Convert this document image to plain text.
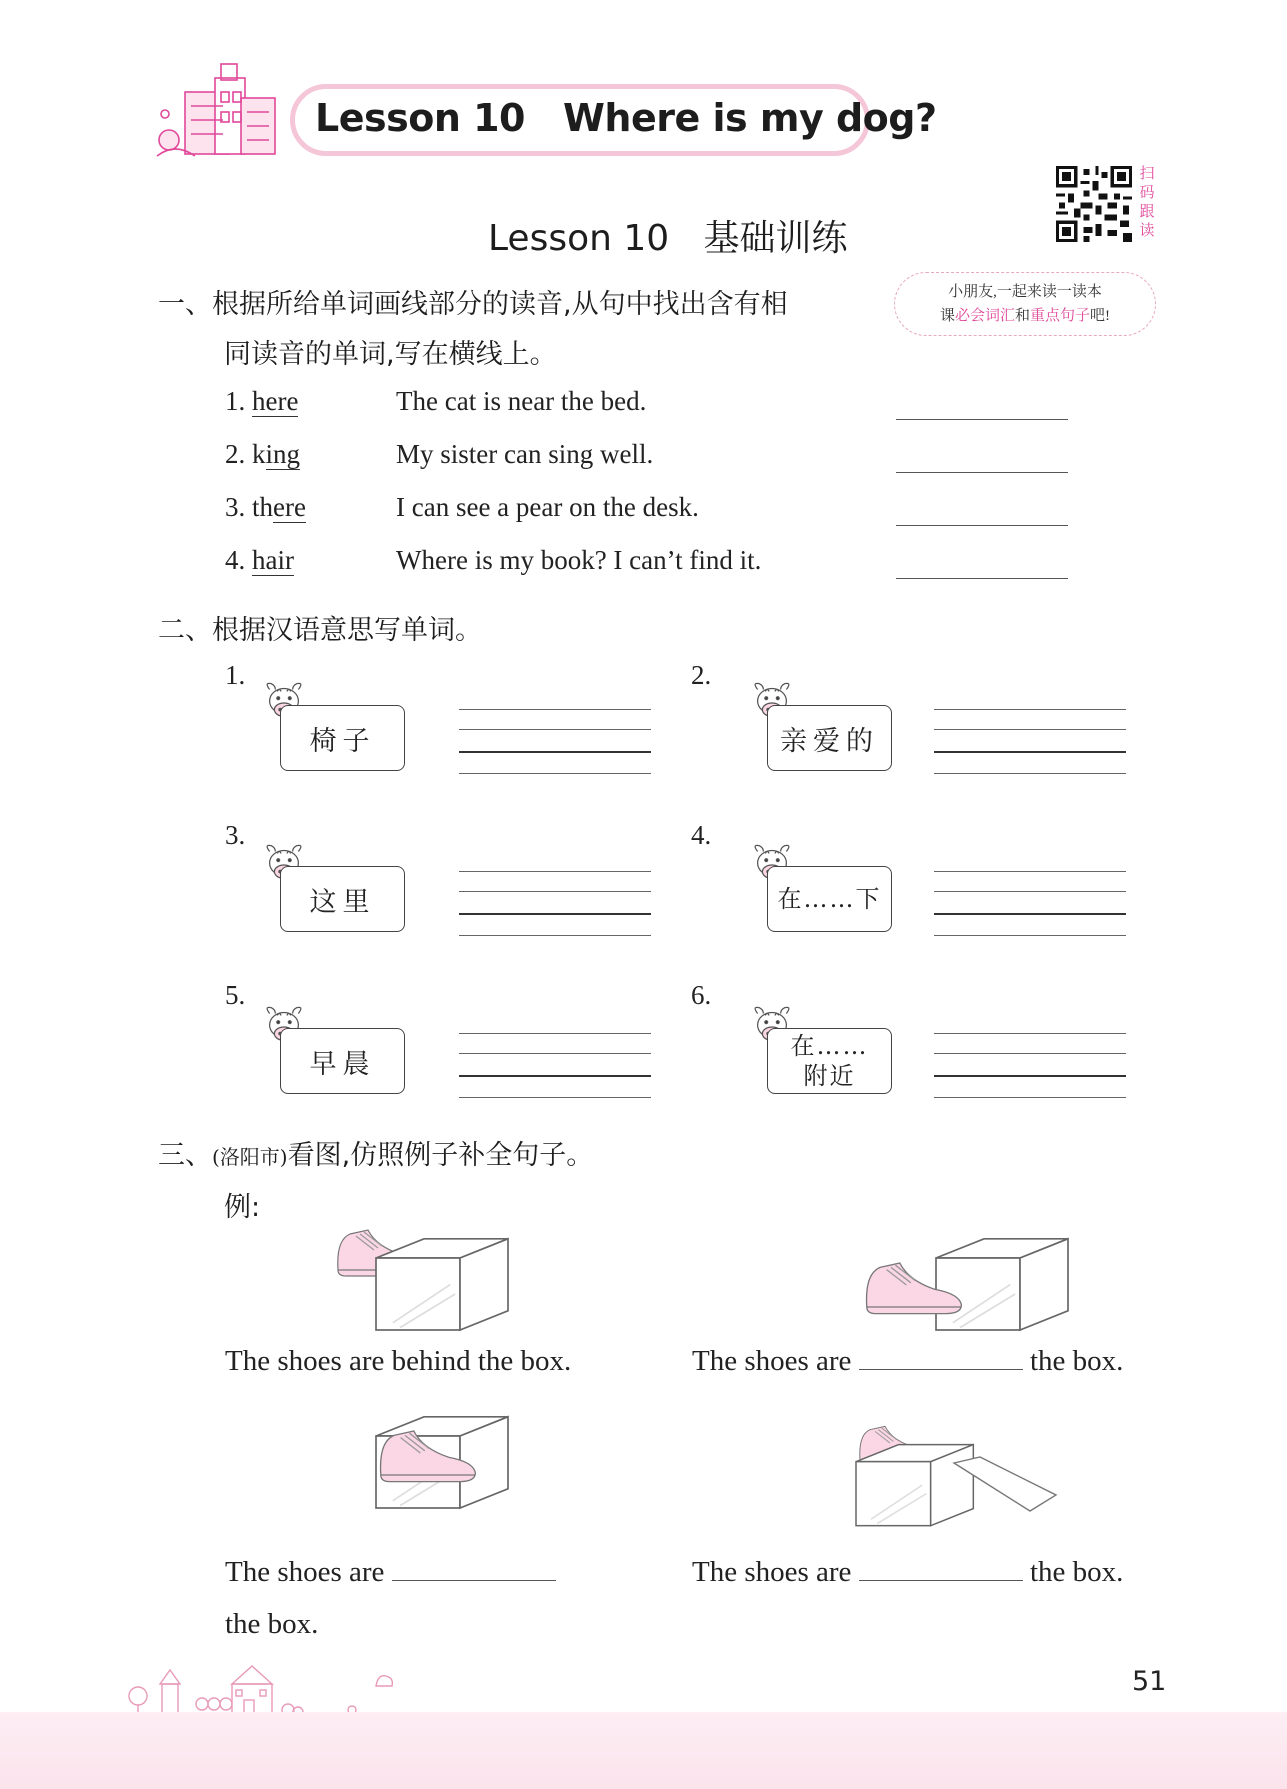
Lesson 10 Where is my dog?
扫码跟读
小朋友,一起来读一读本
课必会词汇和重点句子吧!
Lesson 10 基础训练
一、根据所给单词画线部分的读音,从句中找出含有相
同读音的单词,写在横线上。
1. here	The cat is near the bed.
2. king	My sister can sing well.
3. there	I can see a pear on the desk.
4. hair	Where is my book? I can’t find it.
二、根据汉语意思写单词。
1.
椅子
2.
亲爱的
3.
这里
4.
在……下
5.
早晨
6.
在……
附近
三、(洛阳市)看图,仿照例子补全句子。
例:
The shoes are behind the box.	The shoes are	the box.
The shoes are
the box.
The shoes are	the box.
51
